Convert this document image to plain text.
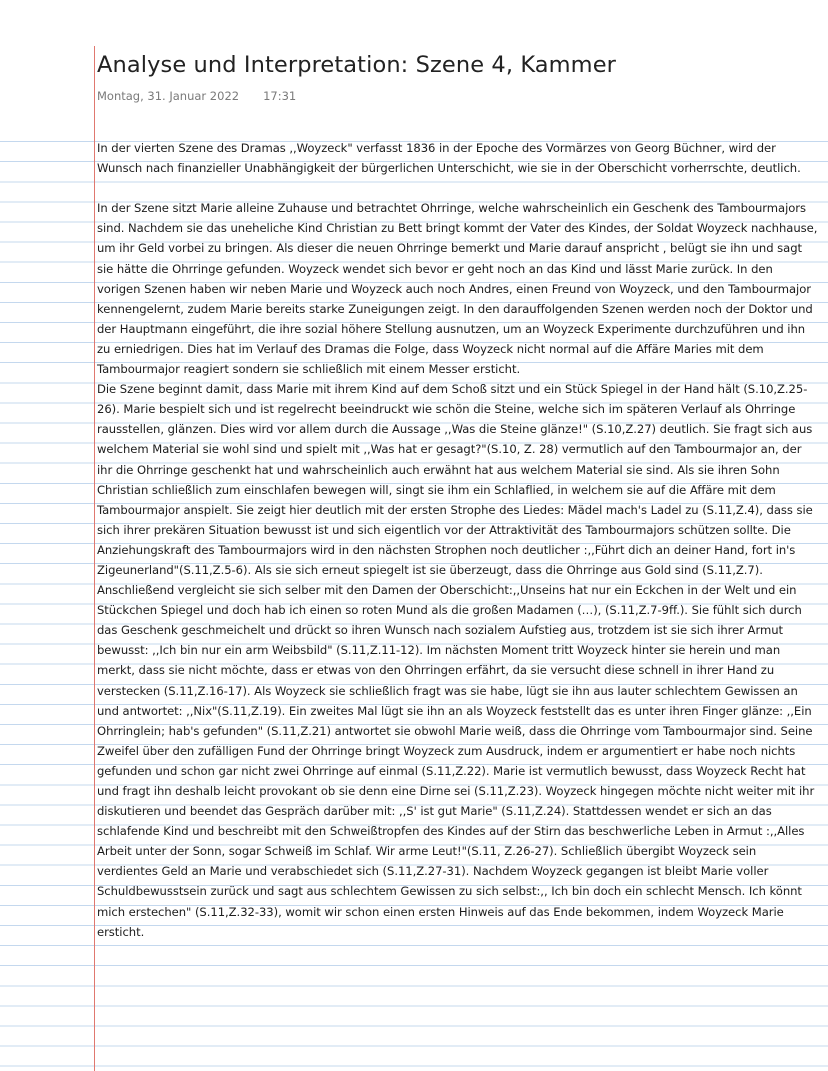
Analyse und Interpretation: Szene 4, Kammer
Montag, 31. Januar 2022 17:31

In der vierten Szene des Dramas ,,Woyzeck" verfasst 1836 in der Epoche des Vormärzes von Georg Büchner, wird der Wunsch nach finanzieller Unabhängigkeit der bürgerlichen Unterschicht, wie sie in der Oberschicht vorherrschte, deutlich.

In der Szene sitzt Marie alleine Zuhause und betrachtet Ohrringe, welche wahrscheinlich ein Geschenk des Tambourmajors sind. Nachdem sie das uneheliche Kind Christian zu Bett bringt kommt der Vater des Kindes, der Soldat Woyzeck nachhause, um ihr Geld vorbei zu bringen. Als dieser die neuen Ohrringe bemerkt und Marie darauf anspricht , belügt sie ihn und sagt sie hätte die Ohrringe gefunden. Woyzeck wendet sich bevor er geht noch an das Kind und lässt Marie zurück. In den vorigen Szenen haben wir neben Marie und Woyzeck auch noch Andres, einen Freund von Woyzeck, und den Tambourmajor kennengelernt, zudem Marie bereits starke Zuneigungen zeigt. In den darauffolgenden Szenen werden noch der Doktor und der Hauptmann eingeführt, die ihre sozial höhere Stellung ausnutzen, um an Woyzeck Experimente durchzuführen und ihn zu erniedrigen. Dies hat im Verlauf des Dramas die Folge, dass Woyzeck nicht normal auf die Affäre Maries mit dem Tambourmajor reagiert sondern sie schließlich mit einem Messer ersticht.

Die Szene beginnt damit, dass Marie mit ihrem Kind auf dem Schoß sitzt und ein Stück Spiegel in der Hand hält (S.10,Z.25-26). Marie bespielt sich und ist regelrecht beeindruckt wie schön die Steine, welche sich im späteren Verlauf als Ohrringe rausstellen, glänzen. Dies wird vor allem durch die Aussage ,,Was die Steine glänze!" (S.10,Z.27) deutlich. Sie fragt sich aus welchem Material sie wohl sind und spielt mit ,,Was hat er gesagt?"(S.10, Z. 28) vermutlich auf den Tambourmajor an, der ihr die Ohrringe geschenkt hat und wahrscheinlich auch erwähnt hat aus welchem Material sie sind. Als sie ihren Sohn Christian schließlich zum einschlafen bewegen will, singt sie ihm ein Schlaflied, in welchem sie auf die Affäre mit dem Tambourmajor anspielt. Sie zeigt hier deutlich mit der ersten Strophe des Liedes: Mädel mach's Ladel zu (S.11,Z.4), dass sie sich ihrer prekären Situation bewusst ist und sich eigentlich vor der Attraktivität des Tambourmajors schützen sollte. Die Anziehungskraft des Tambourmajors wird in den nächsten Strophen noch deutlicher :,,Führt dich an deiner Hand, fort in's Zigeunerland"(S.11,Z.5-6). Als sie sich erneut spiegelt ist sie überzeugt, dass die Ohrringe aus Gold sind (S.11,Z.7). Anschließend vergleicht sie sich selber mit den Damen der Oberschicht:,,Unseins hat nur ein Eckchen in der Welt und ein Stückchen Spiegel und doch hab ich einen so roten Mund als die großen Madamen (…), (S.11,Z.7-9ff.). Sie fühlt sich durch das Geschenk geschmeichelt und drückt so ihren Wunsch nach sozialem Aufstieg aus, trotzdem ist sie sich ihrer Armut bewusst: ,,Ich bin nur ein arm Weibsbild" (S.11,Z.11-12). Im nächsten Moment tritt Woyzeck hinter sie herein und man merkt, dass sie nicht möchte, dass er etwas von den Ohrringen erfährt, da sie versucht diese schnell in ihrer Hand zu verstecken (S.11,Z.16-17). Als Woyzeck sie schließlich fragt was sie habe, lügt sie ihn aus lauter schlechtem Gewissen an und antwortet: ,,Nix"(S.11,Z.19). Ein zweites Mal lügt sie ihn an als Woyzeck feststellt das es unter ihren Finger glänze: ,,Ein Ohrringlein; hab's gefunden" (S.11,Z.21) antwortet sie obwohl Marie weiß, dass die Ohrringe vom Tambourmajor sind. Seine Zweifel über den zufälligen Fund der Ohrringe bringt Woyzeck zum Ausdruck, indem er argumentiert er habe noch nichts gefunden und schon gar nicht zwei Ohrringe auf einmal (S.11,Z.22). Marie ist vermutlich bewusst, dass Woyzeck Recht hat und fragt ihn deshalb leicht provokant ob sie denn eine Dirne sei (S.11,Z.23). Woyzeck hingegen möchte nicht weiter mit ihr diskutieren und beendet das Gespräch darüber mit: ,,S' ist gut Marie" (S.11,Z.24). Stattdessen wendet er sich an das schlafende Kind und beschreibt mit den Schweißtropfen des Kindes auf der Stirn das beschwerliche Leben in Armut :,,Alles Arbeit unter der Sonn, sogar Schweiß im Schlaf. Wir arme Leut!"(S.11, Z.26-27). Schließlich übergibt Woyzeck sein verdientes Geld an Marie und verabschiedet sich (S.11,Z.27-31). Nachdem Woyzeck gegangen ist bleibt Marie voller Schuldbewusstsein zurück und sagt aus schlechtem Gewissen zu sich selbst:,, Ich bin doch ein schlecht Mensch. Ich könnt mich erstechen" (S.11,Z.32-33), womit wir schon einen ersten Hinweis auf das Ende bekommen, indem Woyzeck Marie ersticht.
